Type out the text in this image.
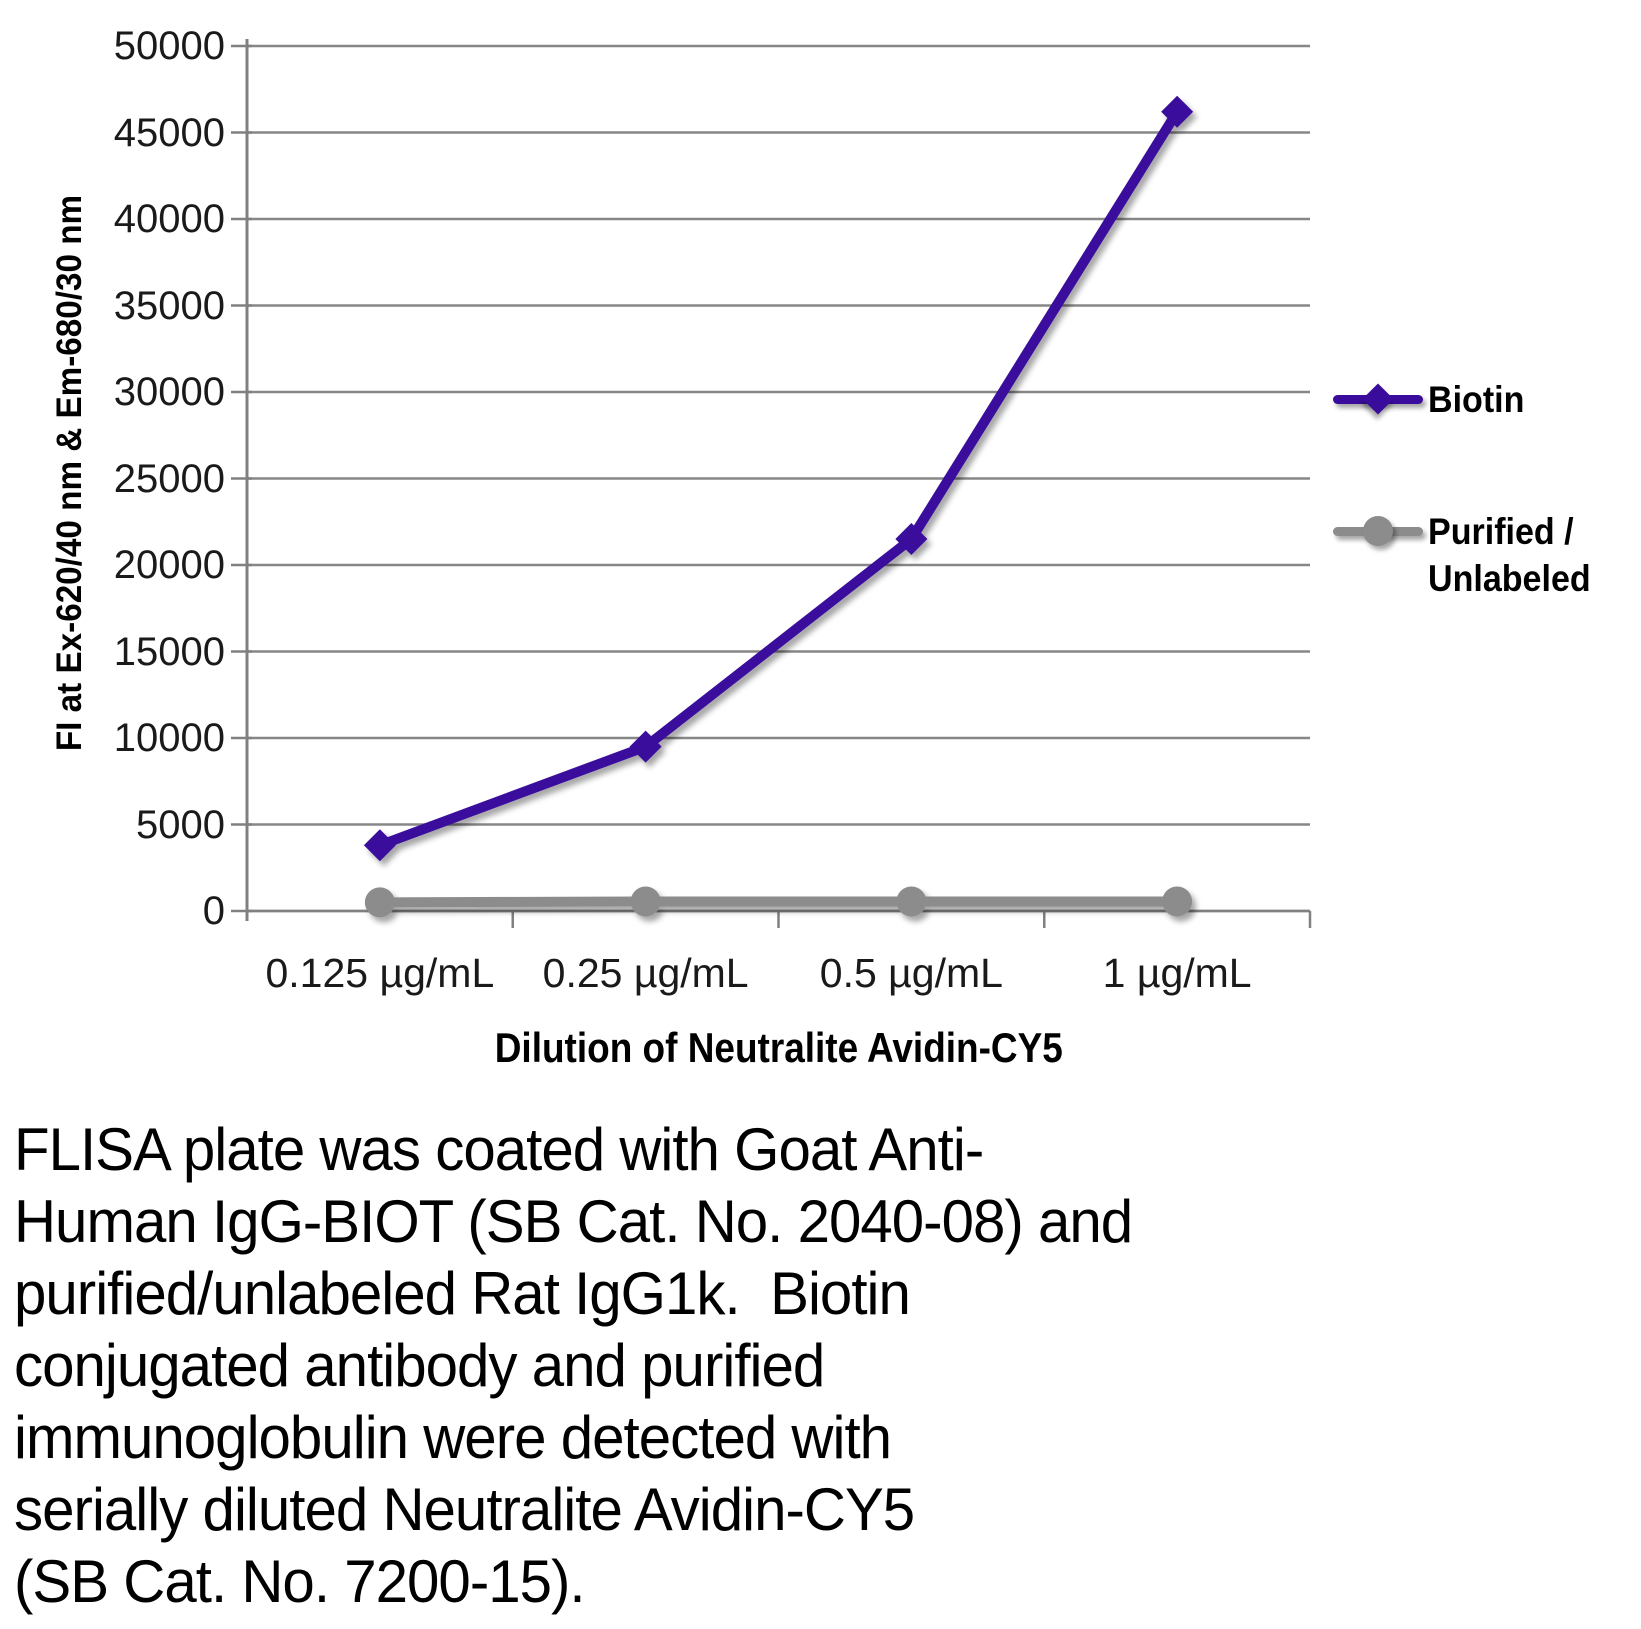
FI at Ex-620/40 nm & Em-680/30 nm
0
5000
10000
15000
20000
25000
30000
35000
40000
45000
50000
0.125 µg/mL	0.25 µg/mL	0.5 µg/mL	1 µg/mL
Dilution of Neutralite Avidin-CY5
Biotin
Purified /
Unlabeled
FLISA plate was coated with Goat Anti-
Human IgG-BIOT (SB Cat. No. 2040-08) and
purified/unlabeled Rat IgG1k.  Biotin
conjugated antibody and purified
immunoglobulin were detected with
serially diluted Neutralite Avidin-CY5
(SB Cat. No. 7200-15).
